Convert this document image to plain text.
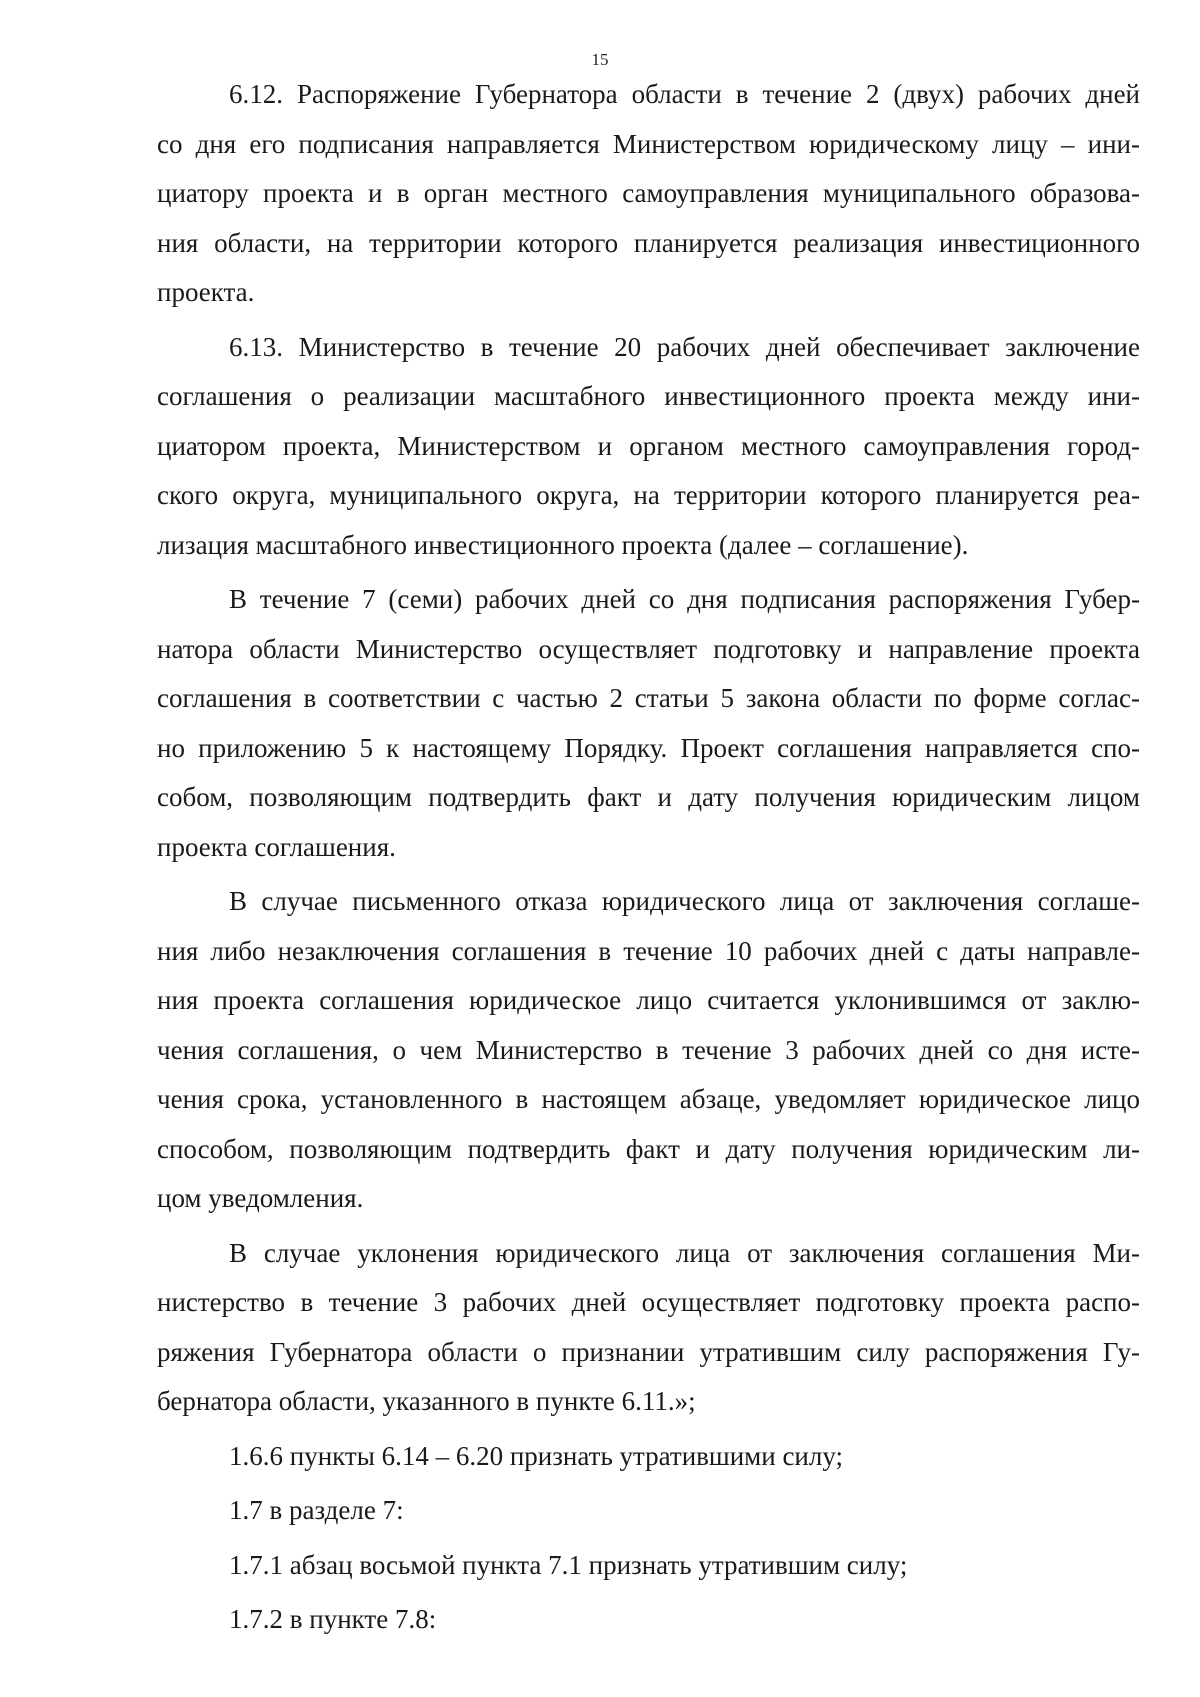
15
6.12. Распоряжение Губернатора области в течение 2 (двух) рабочих дней
со дня его подписания направляется Министерством юридическому лицу – ини-
циатору проекта и в орган местного самоуправления муниципального образова-
ния области, на территории которого планируется реализация инвестиционного
проекта.
6.13. Министерство в течение 20 рабочих дней обеспечивает заключение
соглашения о реализации масштабного инвестиционного проекта между ини-
циатором проекта, Министерством и органом местного самоуправления город-
ского округа, муниципального округа, на территории которого планируется реа-
лизация масштабного инвестиционного проекта (далее – соглашение).
В течение 7 (семи) рабочих дней со дня подписания распоряжения Губер-
натора области Министерство осуществляет подготовку и направление проекта
соглашения в соответствии с частью 2 статьи 5 закона области по форме соглас-
но приложению 5 к настоящему Порядку. Проект соглашения направляется спо-
собом, позволяющим подтвердить факт и дату получения юридическим лицом
проекта соглашения.
В случае письменного отказа юридического лица от заключения соглаше-
ния либо незаключения соглашения в течение 10 рабочих дней с даты направле-
ния проекта соглашения юридическое лицо считается уклонившимся от заклю-
чения соглашения, о чем Министерство в течение 3 рабочих дней со дня исте-
чения срока, установленного в настоящем абзаце, уведомляет юридическое лицо
способом, позволяющим подтвердить факт и дату получения юридическим ли-
цом уведомления.
В случае уклонения юридического лица от заключения соглашения Ми-
нистерство в течение 3 рабочих дней осуществляет подготовку проекта распо-
ряжения Губернатора области о признании утратившим силу распоряжения Гу-
бернатора области, указанного в пункте 6.11.»;
1.6.6 пункты 6.14 – 6.20 признать утратившими силу;
1.7 в разделе 7:
1.7.1 абзац восьмой пункта 7.1 признать утратившим силу;
1.7.2 в пункте 7.8:
